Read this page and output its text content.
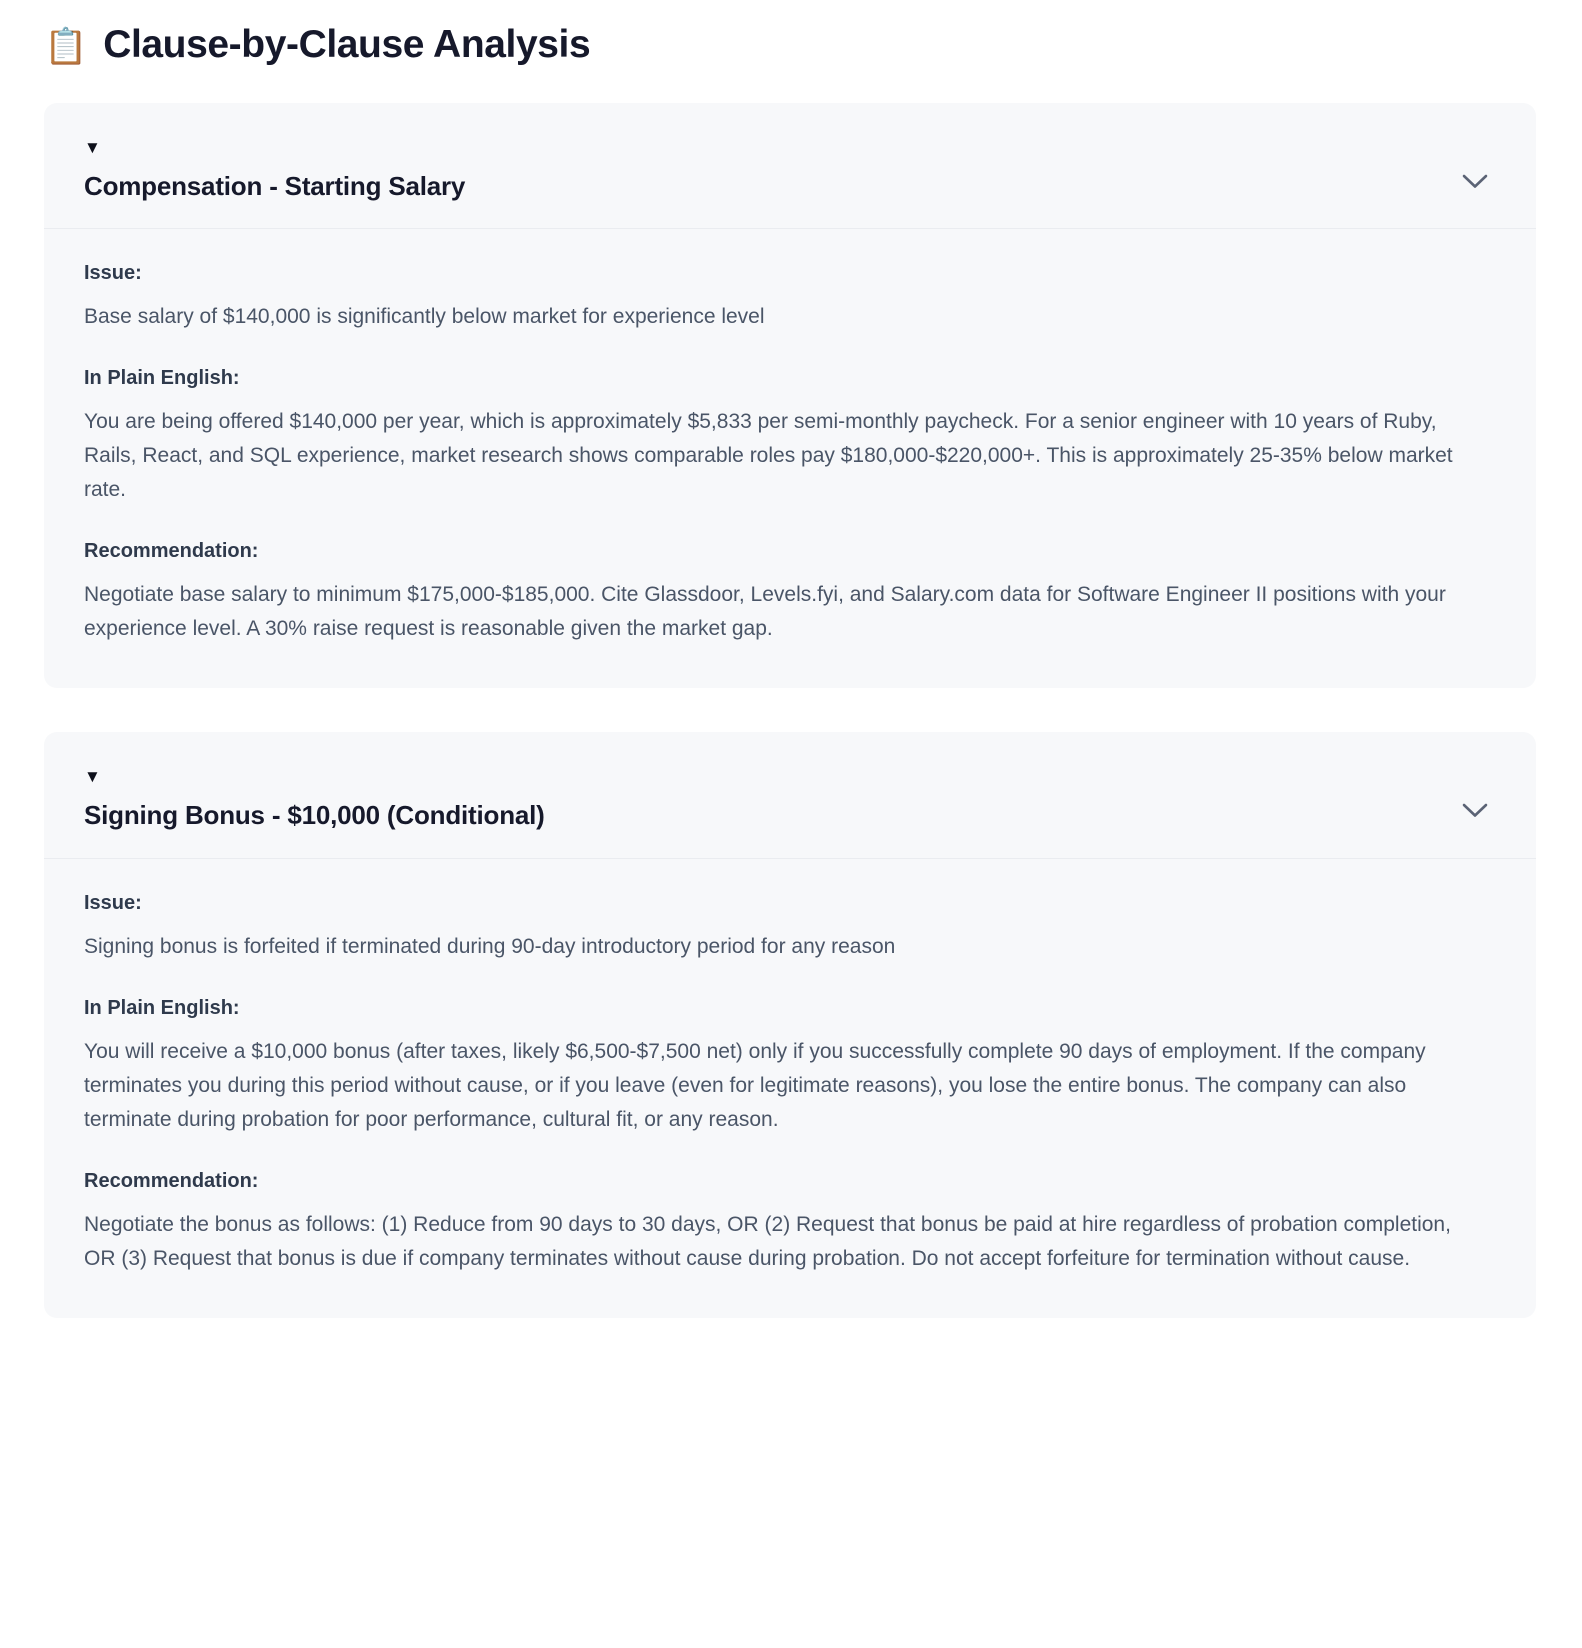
📋 Clause-by-Clause Analysis
▼
Compensation - Starting Salary

Issue:

Base salary of $140,000 is significantly below market for experience level

In Plain English:

You are being offered $140,000 per year, which is approximately $5,833 per semi-monthly paycheck. For a senior engineer with 10 years of Ruby, Rails, React, and SQL experience, market research shows comparable roles pay $180,000-$220,000+. This is approximately 25-35% below market rate.

Recommendation:

Negotiate base salary to minimum $175,000-$185,000. Cite Glassdoor, Levels.fyi, and Salary.com data for Software Engineer II positions with your experience level. A 30% raise request is reasonable given the market gap.

▼
Signing Bonus - $10,000 (Conditional)

Issue:

Signing bonus is forfeited if terminated during 90-day introductory period for any reason

In Plain English:

You will receive a $10,000 bonus (after taxes, likely $6,500-$7,500 net) only if you successfully complete 90 days of employment. If the company terminates you during this period without cause, or if you leave (even for legitimate reasons), you lose the entire bonus. The company can also terminate during probation for poor performance, cultural fit, or any reason.

Recommendation:

Negotiate the bonus as follows: (1) Reduce from 90 days to 30 days, OR (2) Request that bonus be paid at hire regardless of probation completion, OR (3) Request that bonus is due if company terminates without cause during probation. Do not accept forfeiture for termination without cause.
